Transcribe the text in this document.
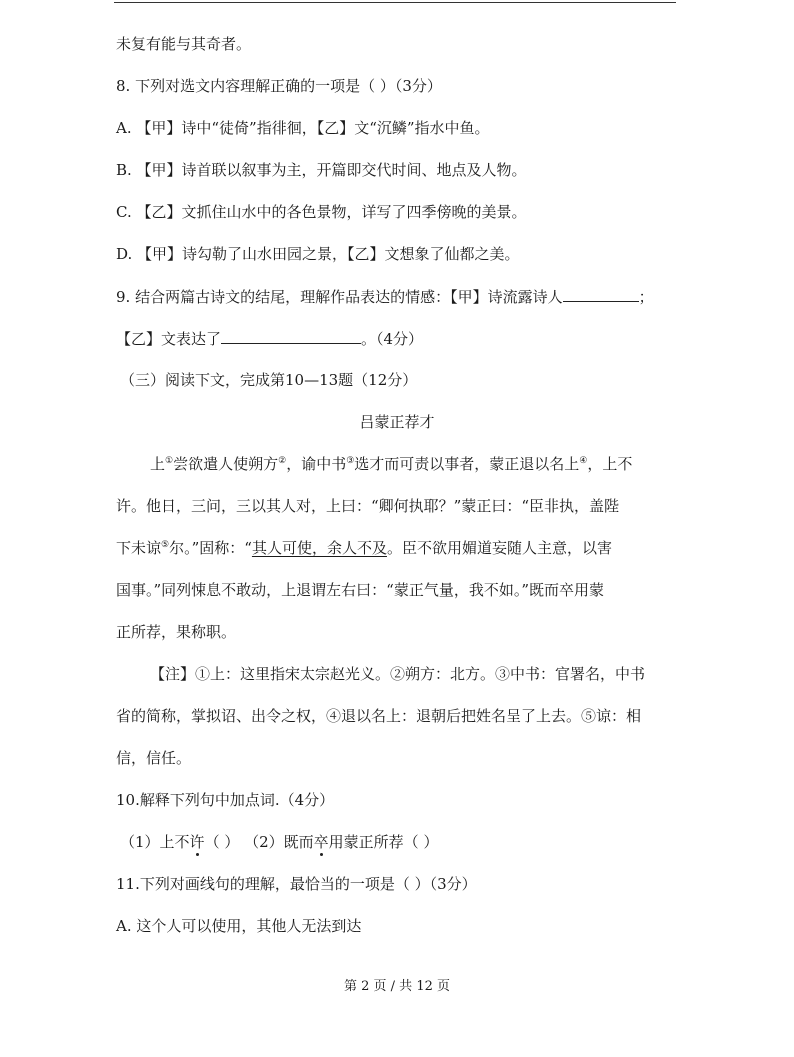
未复有能与其奇者。
8. 下列对选文内容理解正确的一项是（ ）（3分）
A. 【甲】诗中“徒倚”指徘徊，【乙】文“沉鳞”指水中鱼。
B. 【甲】诗首联以叙事为主，开篇即交代时间、地点及人物。
C. 【乙】文抓住山水中的各色景物，详写了四季傍晚的美景。
D. 【甲】诗勾勒了山水田园之景，【乙】文想象了仙都之美。
9. 结合两篇古诗文的结尾，理解作品表达的情感：【甲】诗流露诗人	；
【乙】文表达了	。（4分）
（三）阅读下文，完成第10—13题（12分）
吕蒙正荐才
上①尝欲遣人使朔方②，谕中书③选才而可责以事者，蒙正退以名上④，上不
许。他日，三问，三以其人对，上曰：“卿何执耶？”蒙正曰：“臣非执，盖陛
下未谅⑤尔。”固称：“其人可使，余人不及。臣不欲用媚道妄随人主意，以害
国事。”同列悚息不敢动，上退谓左右曰：“蒙正气量，我不如。”既而卒用蒙
正所荐，果称职。
【注】①上：这里指宋太宗赵光义。②朔方：北方。③中书：官署名，中书
省的简称，掌拟诏、出令之权，④退以名上：退朝后把姓名呈了上去。⑤谅：相
信，信任。
10.解释下列句中加点词.（4分）
（1）上不许（ ） （2）既而卒用蒙正所荐（ ）
11.下列对画线句的理解，最恰当的一项是（ ）（3分）
A. 这个人可以使用，其他人无法到达
第 2 页 / 共 12 页
